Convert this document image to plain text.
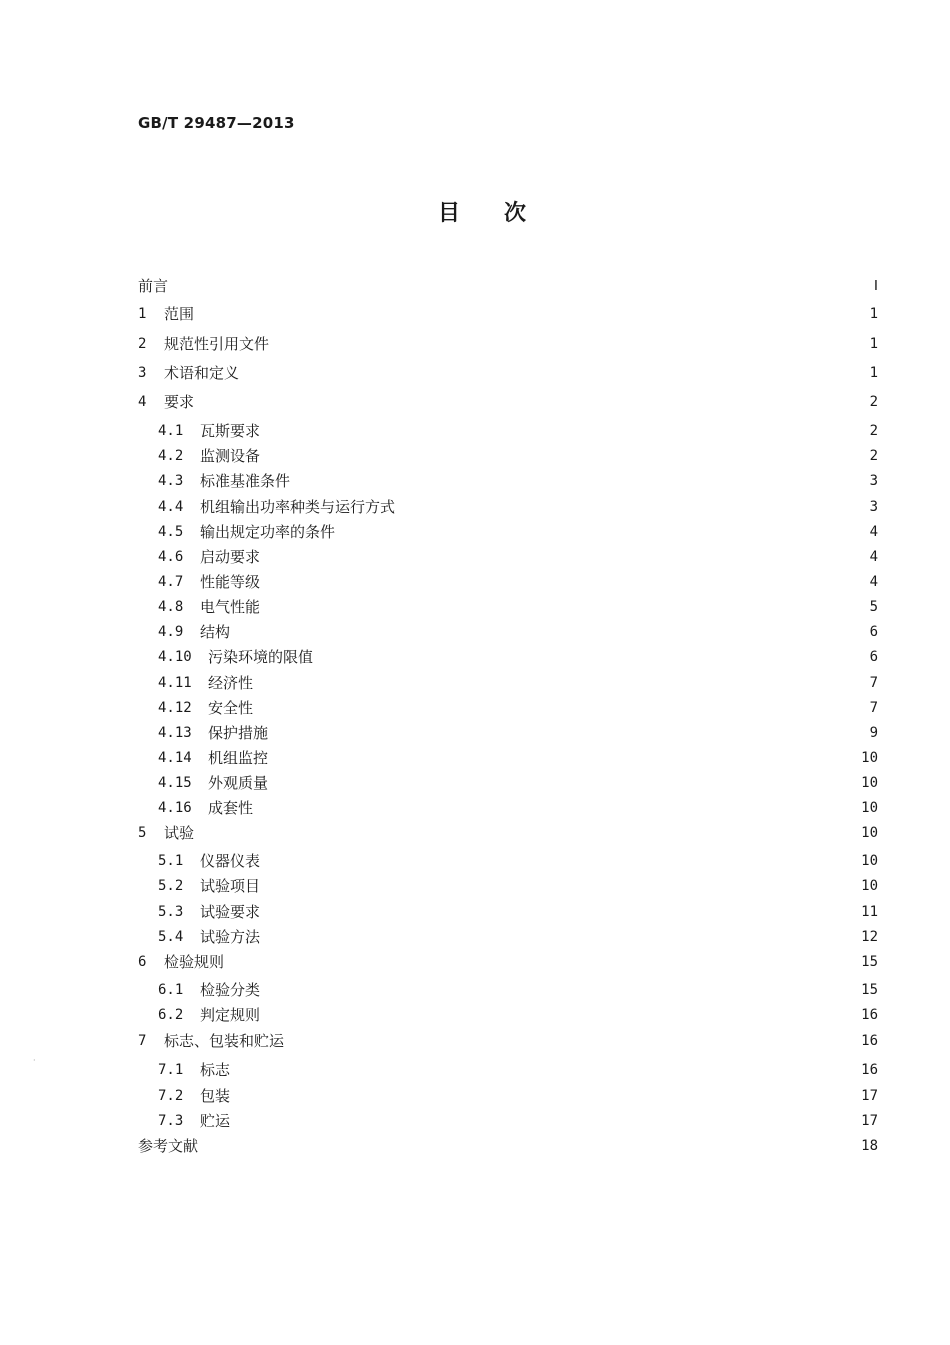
GB/T 29487—2013
目次
前言	Ⅰ
1	范围	1
2	规范性引用文件	1
3	术语和定义	1
4	要求	2
4.1	瓦斯要求	2
4.2	监测设备	2
4.3	标准基准条件	3
4.4	机组输出功率种类与运行方式	3
4.5	输出规定功率的条件	4
4.6	启动要求	4
4.7	性能等级	4
4.8	电气性能	5
4.9	结构	6
4.10	污染环境的限值	6
4.11	经济性	7
4.12	安全性	7
4.13	保护措施	9
4.14	机组监控	10
4.15	外观质量	10
4.16	成套性	10
5	试验	10
5.1	仪器仪表	10
5.2	试验项目	10
5.3	试验要求	11
5.4	试验方法	12
6	检验规则	15
6.1	检验分类	15
6.2	判定规则	16
7	标志、包装和贮运	16
7.1	标志	16
7.2	包装	17
7.3	贮运	17
参考文献	18
·
